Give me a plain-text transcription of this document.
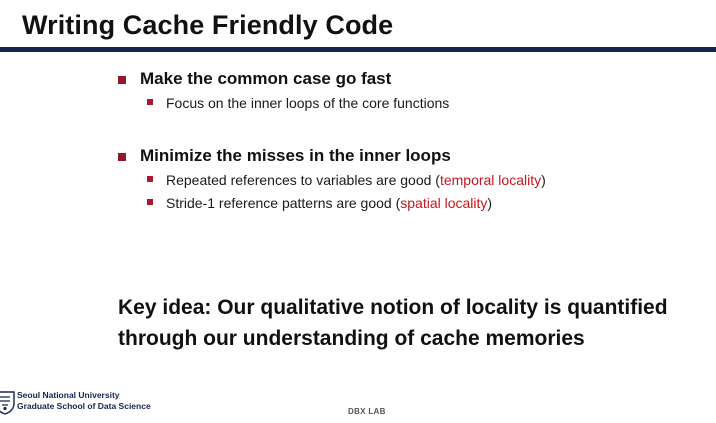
Writing Cache Friendly Code
Make the common case go fast
Focus on the inner loops of the core functions
Minimize the misses in the inner loops
Repeated references to variables are good (temporal locality)
Stride-1 reference patterns are good (spatial locality)
Key idea: Our qualitative notion of locality is quantified
through our understanding of cache memories
Seoul National University
Graduate School of Data Science
DBX LAB
